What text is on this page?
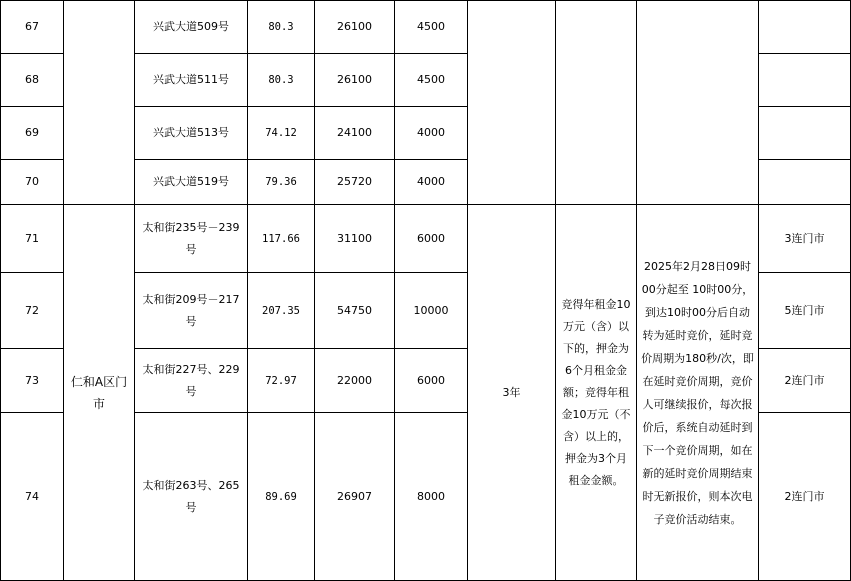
67		兴武大道509号	80.3	26100	4500				
68		兴武大道511号	80.3	26100	4500				
69		兴武大道513号	74.12	24100	4000				
70		兴武大道519号	79.36	25720	4000				
71	仁和A区门市	太和街235号－239号	117.66	31100	6000	3年	竞得年租金10万元（含）以下的，押金为6个月租金金额；竞得年租金10万元（不含）以上的，押金为3个月租金金额。	2025年2月28日09时 00分起至 10时00分，到达10时00分后自动转为延时竞价，延时竞价周期为180秒/次，即在延时竞价周期，竞价人可继续报价，每次报价后，系统自动延时到下一个竞价周期，如在新的延时竞价周期结束时无新报价，则本次电子竞价活动结束。	3连门市
72		太和街209号－217号	207.35	54750	10000				5连门市
73		太和街227号、229号	72.97	22000	6000				2连门市
74		太和街263号、265号	89.69	26907	8000				2连门市
